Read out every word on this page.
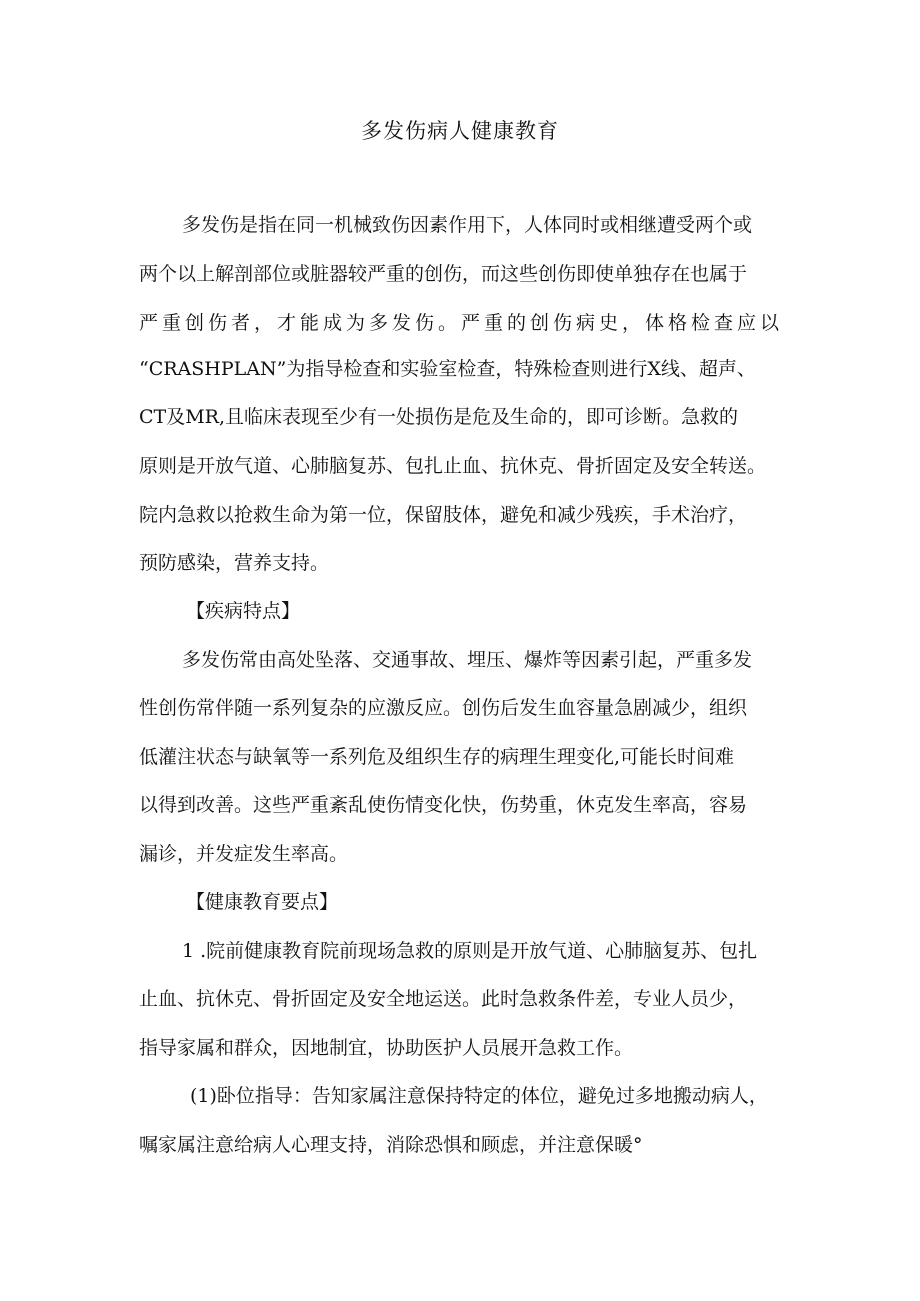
多发伤病人健康教育

多发伤是指在同一机械致伤因素作用下，人体同时或相继遭受两个或

两个以上解剖部位或脏器较严重的创伤，而这些创伤即使单独存在也属于

严重创伤者，才能成为多发伤。严重的创伤病史，体格检查应以

“CRASHPLAN”为指导检查和实验室检查，特殊检查则进行X线、超声、

CT及MR,且临床表现至少有一处损伤是危及生命的，即可诊断。急救的

原则是开放气道、心肺脑复苏、包扎止血、抗休克、骨折固定及安全转送。

院内急救以抢救生命为第一位，保留肢体，避免和减少残疾，手术治疗，

预防感染，营养支持。

【疾病特点】

多发伤常由高处坠落、交通事故、埋压、爆炸等因素引起，严重多发

性创伤常伴随一系列复杂的应激反应。创伤后发生血容量急剧减少，组织

低灌注状态与缺氧等一系列危及组织生存的病理生理变化,可能长时间难

以得到改善。这些严重紊乱使伤情变化快，伤势重，休克发生率高，容易

漏诊，并发症发生率高。

【健康教育要点】

1 .院前健康教育院前现场急救的原则是开放气道、心肺脑复苏、包扎

止血、抗休克、骨折固定及安全地运送。此时急救条件差，专业人员少，

指导家属和群众，因地制宜，协助医护人员展开急救工作。

(1)卧位指导：告知家属注意保持特定的体位，避免过多地搬动病人，

嘱家属注意给病人心理支持，消除恐惧和顾虑，并注意保暖°
